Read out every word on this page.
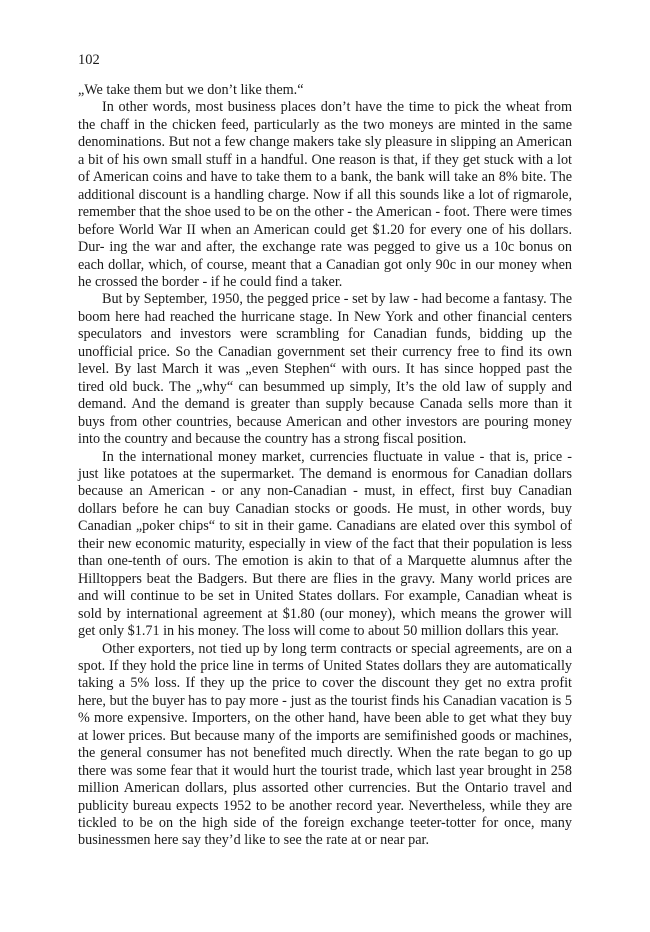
102

„We take them but we don’t like them.“

In other words, most business places don’t have the time to pick the wheat from the chaff in the chicken feed, particularly as the two moneys are minted in the same denominations. But not a few change makers take sly pleasure in slipping an American a bit of his own small stuff in a handful. One reason is that, if they get stuck with a lot of American coins and have to take them to a bank, the bank will take an 8% bite. The additional discount is a handling charge. Now if all this sounds like a lot of rigmarole, remember that the shoe used to be on the other - the American - foot. There were times before World War II when an American could get $1.20 for every one of his dollars. Dur- ing the war and after, the exchange rate was pegged to give us a 10c bonus on each dollar, which, of course, meant that a Canadian got only 90c in our money when he crossed the border - if he could find a taker.

But by September, 1950, the pegged price - set by law - had become a fantasy. The boom here had reached the hurricane stage. In New York and other financial centers speculators and investors were scrambling for Canadian funds, bidding up the unofficial price. So the Canadian government set their currency free to find its own level. By last March it was „even Stephen“ with ours. It has since hopped past the tired old buck. The „why“ can besummed up simply, It’s the old law of supply and demand. And the demand is greater than supply because Canada sells more than it buys from other countries, because American and other investors are pouring money into the country and because the country has a strong fiscal position.

In the international money market, currencies fluctuate in value - that is, price - just like potatoes at the supermarket. The demand is enormous for Canadian dollars because an American - or any non-Canadian - must, in effect, first buy Canadian dollars before he can buy Canadian stocks or goods. He must, in other words, buy Canadian „poker chips“ to sit in their game. Canadians are elated over this symbol of their new economic maturity, especially in view of the fact that their population is less than one-tenth of ours. The emotion is akin to that of a Marquette alumnus after the Hilltoppers beat the Badgers. But there are flies in the gravy. Many world prices are and will continue to be set in United States dollars. For example, Canadian wheat is sold by international agreement at $1.80 (our money), which means the grower will get only $1.71 in his money. The loss will come to about 50 million dollars this year.

Other exporters, not tied up by long term contracts or special agreements, are on a spot. If they hold the price line in terms of United States dollars they are automatically taking a 5% loss. If they up the price to cover the discount they get no extra profit here, but the buyer has to pay more - just as the tourist finds his Canadian vacation is 5 % more expensive. Importers, on the other hand, have been able to get what they buy at lower prices. But because many of the imports are semifinished goods or machines, the general consumer has not benefited much directly. When the rate began to go up there was some fear that it would hurt the tourist trade, which last year brought in 258 million American dollars, plus assorted other currencies. But the Ontario travel and publicity bureau expects 1952 to be another record year. Nevertheless, while they are tickled to be on the high side of the foreign exchange teeter-totter for once, many businessmen here say they’d like to see the rate at or near par.
